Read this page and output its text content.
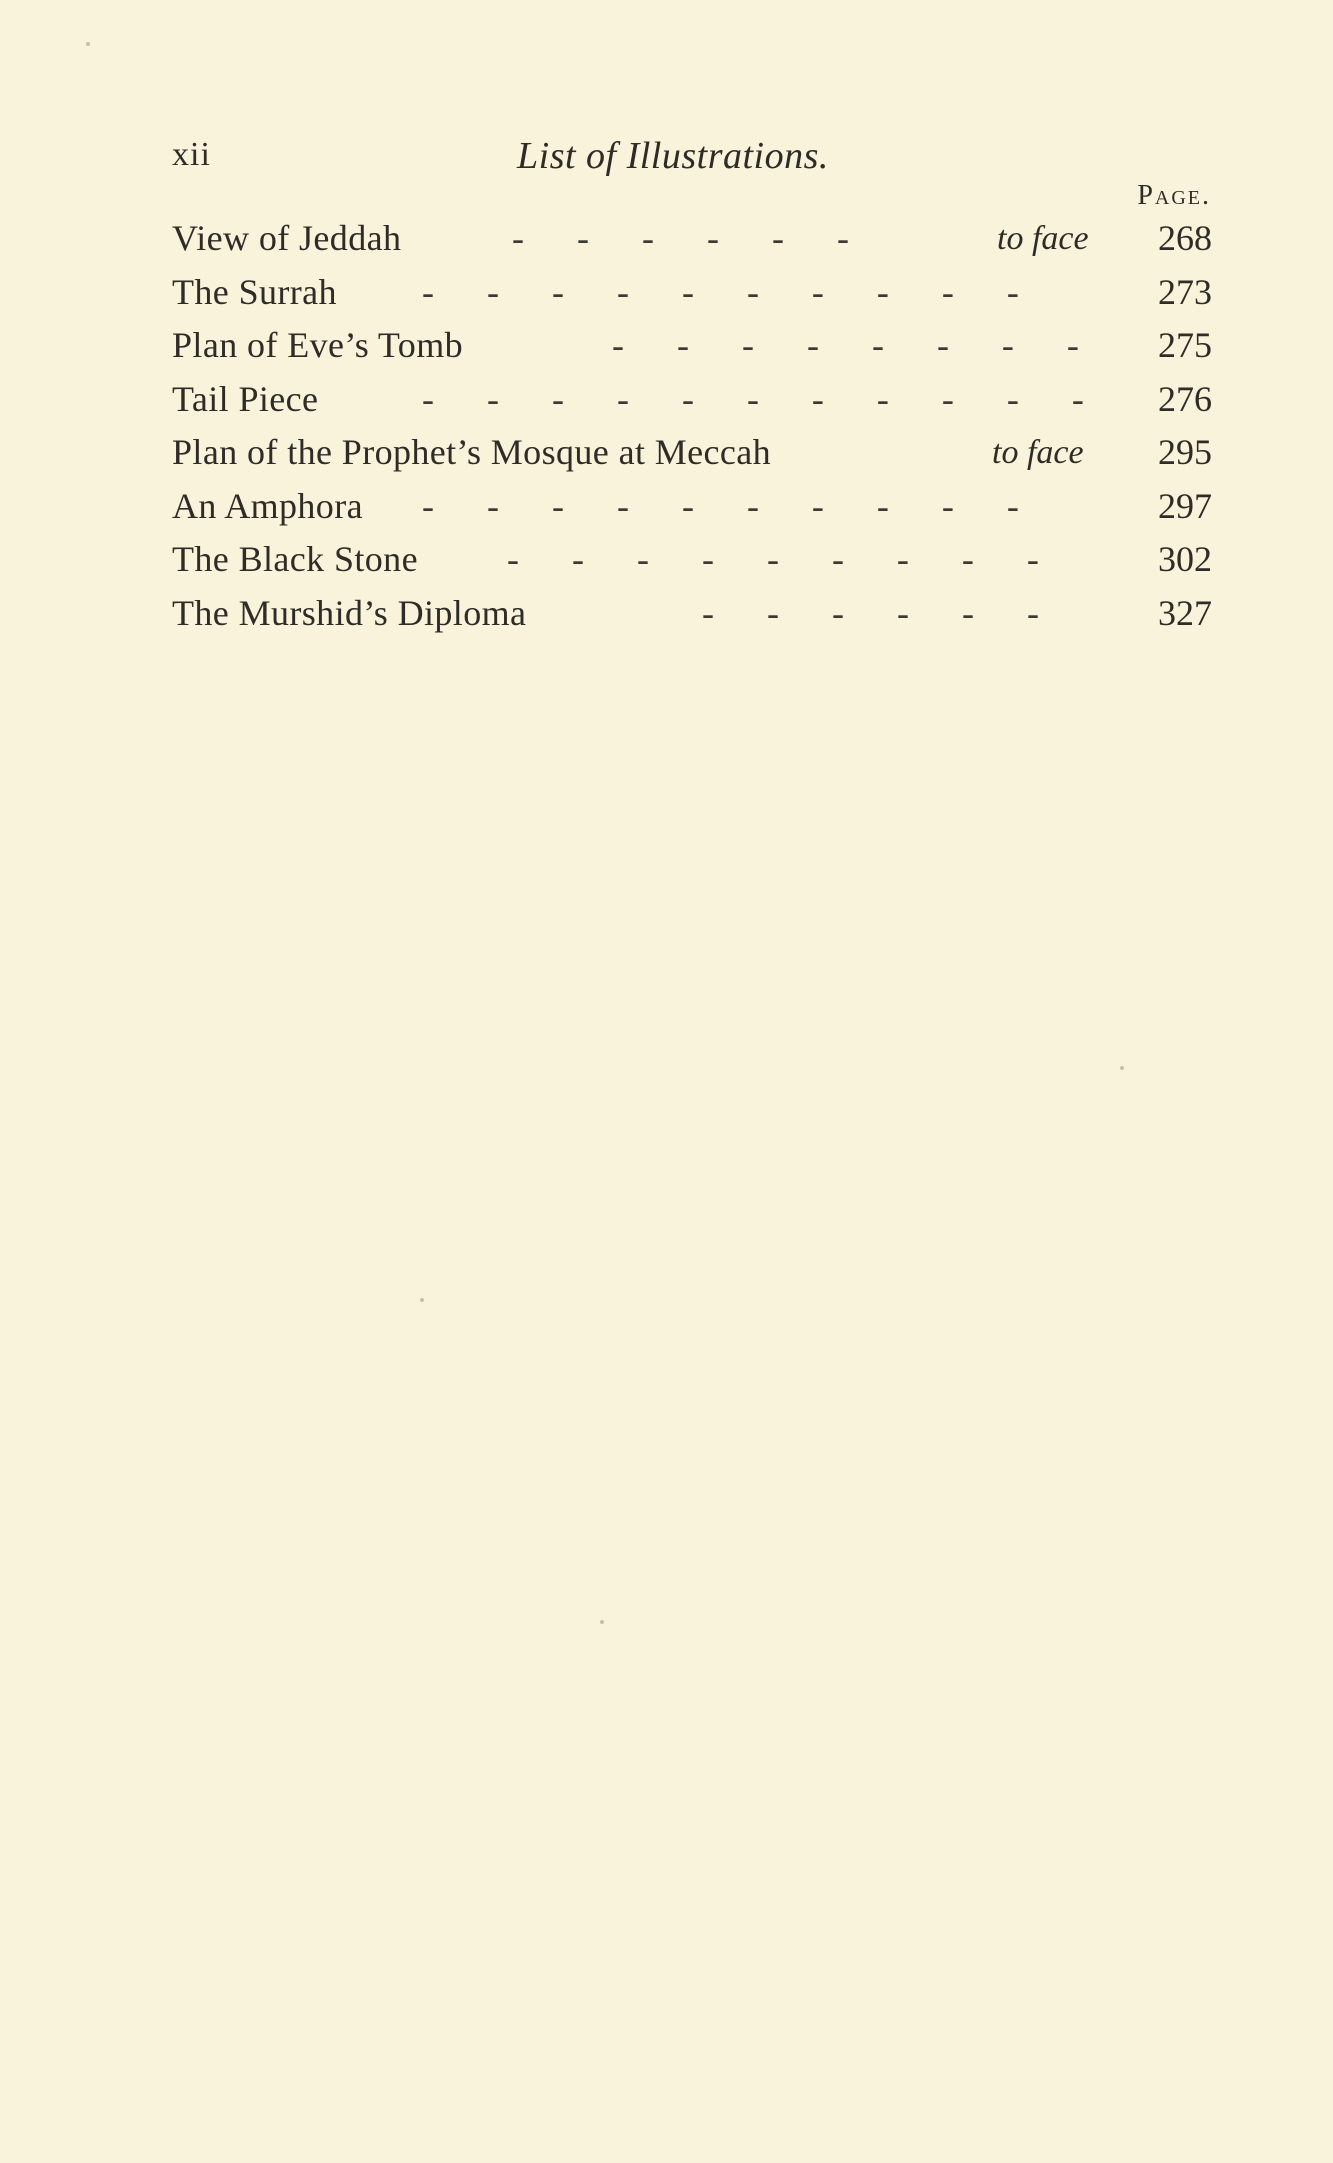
xii	List of Illustrations.
Page.
View of Jeddah	- - - - - -	to face	268
The Surrah - - - - - - - - - -	273
Plan of Eve’s Tomb	- - - - - - - -	275
Tail Piece	- - - - - - - - - - -	276
Plan of the Prophet’s Mosque at Meccah	to face	295
An Amphora - - - - - - - - - -	297
The Black Stone - - - - - - - - -	302
The Murshid’s Diploma	- - - - - -	327
